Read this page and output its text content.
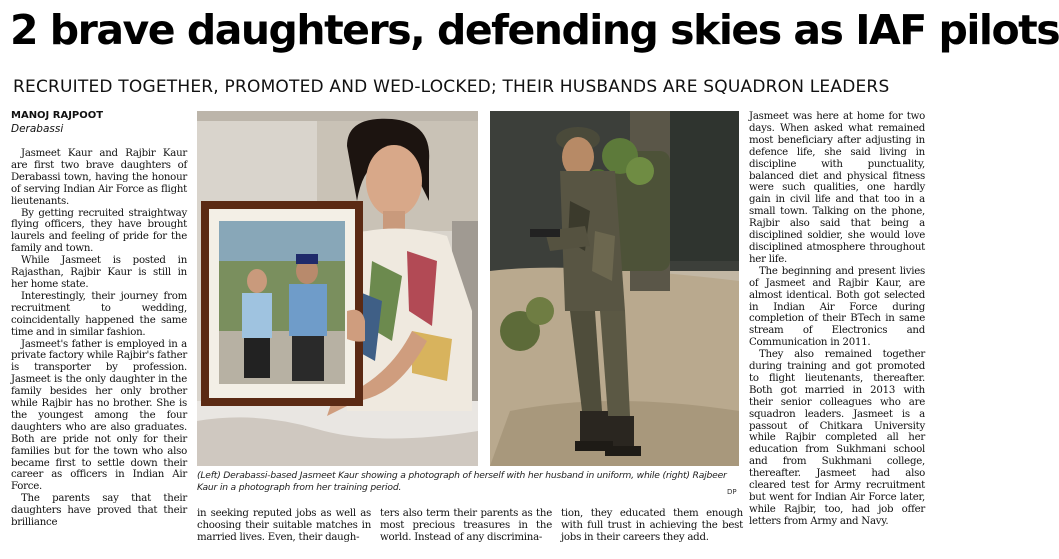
2 brave daughters, defending skies as IAF pilots
RECRUITED TOGETHER, PROMOTED AND WED-LOCKED; THEIR HUSBANDS ARE SQUADRON LEADERS
MANOJ RAJPOOT
Derabassi

Jasmeet Kaur and Rajbir Kaur are first two brave daughters of Derabassi town, having the honour of serving Indian Air Force as flight lieutenants.

By getting recruited straightway flying officers, they have brought laurels and feeling of pride for the family and town.

While Jasmeet is posted in Rajasthan, Rajbir Kaur is still in her home state.

Interestingly, their journey from recruitment to wedding, coincidentally happened the same time and in similar fashion.

Jasmeet's father is employed in a private factory while Rajbir's father is transporter by profession. Jasmeet is the only daughter in the family besides her only brother while Rajbir has no brother. She is the youngest among the four daughters who are also graduates. Both are pride not only for their families but for the town who also became first to settle down their career as officers in Indian Air Force.

The parents say that their daughters have proved that their brilliance

(Left) Derabassi-based Jasmeet Kaur showing a photograph of herself with her husband in uniform, while (right) Rajbeer Kaur in a photograph from her training period.	DP

in seeking reputed jobs as well as choosing their suitable matches in married lives. Even, their daugh-

ters also term their parents as the most precious treasures in the world. Instead of any discrimina-

tion, they educated them enough with full trust in achieving the best jobs in their careers they add.

Jasmeet was here at home for two days. When asked what remained most beneficiary after adjusting in defence life, she said living in discipline with punctuality, balanced diet and physical fitness were such qualities, one hardly gain in civil life and that too in a small town. Talking on the phone, Rajbir also said that being a disciplined soldier, she would love disciplined atmosphere throughout her life.

The beginning and present livies of Jasmeet and Rajbir Kaur, are almost identical. Both got selected in Indian Air Force during completion of their BTech in same stream of Electronics and Communication in 2011.

They also remained together during training and got promoted to flight lieutenants, thereafter. Both got married in 2013 with their senior colleagues who are squadron leaders. Jasmeet is a passout of Chitkara University while Rajbir completed all her education from Sukhmani school and from Sukhmani college, thereafter. Jasmeet had also cleared test for Army recruitment but went for Indian Air Force later, while Rajbir, too, had job offer letters from Army and Navy.
